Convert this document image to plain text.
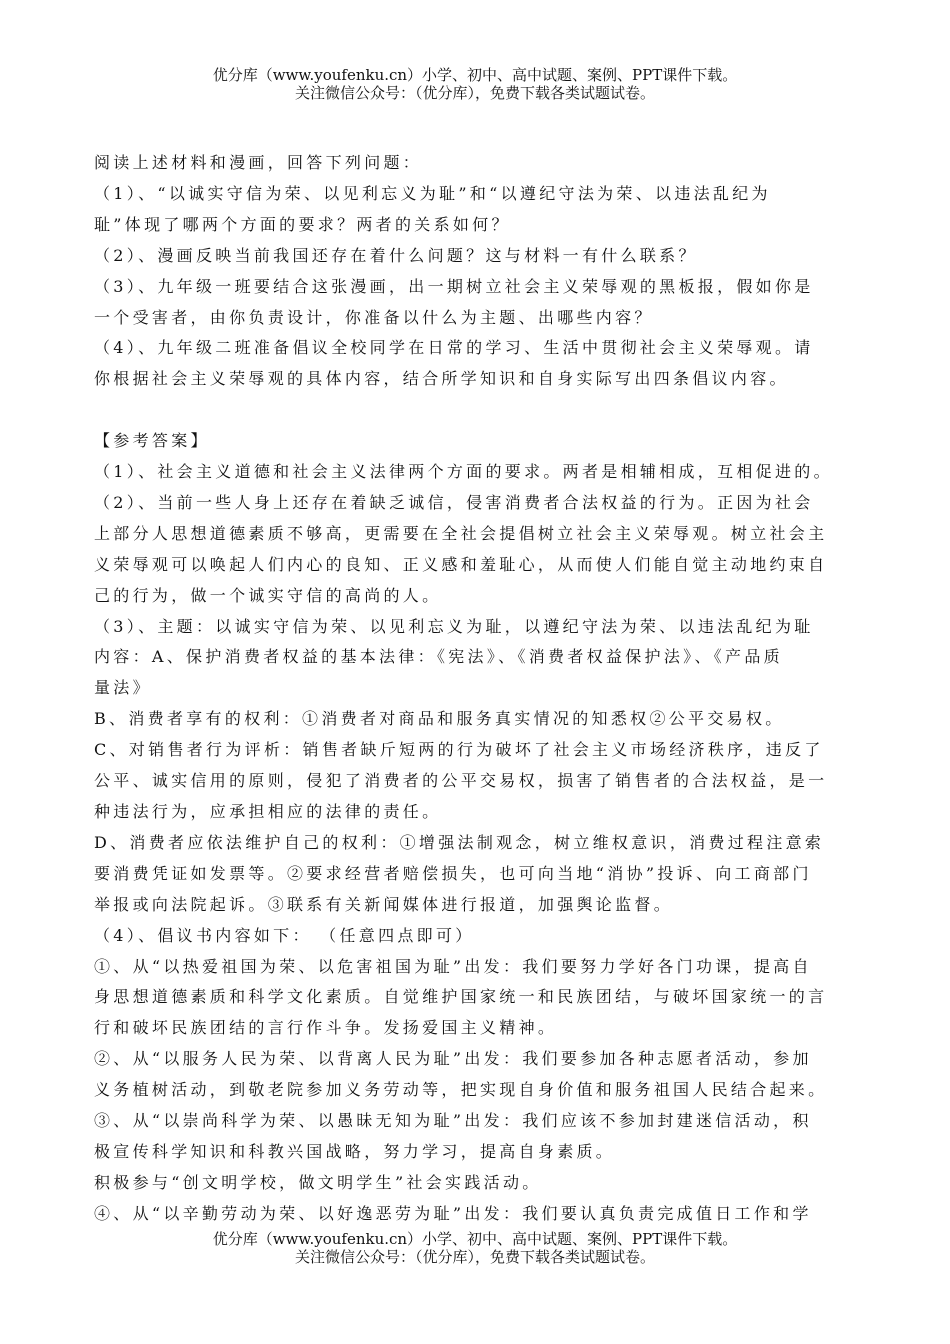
优分库（www.youfenku.cn）小学、初中、高中试题、案例、PPT课件下载。
关注微信公众号：（优分库），免费下载各类试题试卷。

阅读上述材料和漫画，回答下列问题：

（1）、“以诚实守信为荣、以见利忘义为耻”和“以遵纪守法为荣、以违法乱纪为

耻”体现了哪两个方面的要求？两者的关系如何？

（2）、漫画反映当前我国还存在着什么问题？这与材料一有什么联系？

（3）、九年级一班要结合这张漫画，出一期树立社会主义荣辱观的黑板报，假如你是

一个受害者，由你负责设计，你准备以什么为主题、出哪些内容？

（4）、九年级二班准备倡议全校同学在日常的学习、生活中贯彻社会主义荣辱观。请

你根据社会主义荣辱观的具体内容，结合所学知识和自身实际写出四条倡议内容。

【参考答案】

（1）、社会主义道德和社会主义法律两个方面的要求。两者是相辅相成，互相促进的。

（2）、当前一些人身上还存在着缺乏诚信，侵害消费者合法权益的行为。正因为社会

上部分人思想道德素质不够高，更需要在全社会提倡树立社会主义荣辱观。树立社会主

义荣辱观可以唤起人们内心的良知、正义感和羞耻心，从而使人们能自觉主动地约束自

己的行为，做一个诚实守信的高尚的人。

（3）、主题：以诚实守信为荣、以见利忘义为耻，以遵纪守法为荣、以违法乱纪为耻

内容：A、保护消费者权益的基本法律：《宪法》、《消费者权益保护法》、《产品质

量法》

B、消费者享有的权利：①消费者对商品和服务真实情况的知悉权②公平交易权。

C、对销售者行为评析：销售者缺斤短两的行为破坏了社会主义市场经济秩序，违反了

公平、诚实信用的原则，侵犯了消费者的公平交易权，损害了销售者的合法权益，是一

种违法行为，应承担相应的法律的责任。

D、消费者应依法维护自己的权利：①增强法制观念，树立维权意识，消费过程注意索

要消费凭证如发票等。②要求经营者赔偿损失，也可向当地“消协”投诉、向工商部门

举报或向法院起诉。③联系有关新闻媒体进行报道，加强舆论监督。

（4）、倡议书内容如下： （任意四点即可）

①、从“以热爱祖国为荣、以危害祖国为耻”出发：我们要努力学好各门功课，提高自

身思想道德素质和科学文化素质。自觉维护国家统一和民族团结，与破坏国家统一的言

行和破坏民族团结的言行作斗争。发扬爱国主义精神。

②、从“以服务人民为荣、以背离人民为耻”出发：我们要参加各种志愿者活动，参加

义务植树活动，到敬老院参加义务劳动等，把实现自身价值和服务祖国人民结合起来。

③、从“以崇尚科学为荣、以愚昧无知为耻”出发：我们应该不参加封建迷信活动，积

极宣传科学知识和科教兴国战略，努力学习，提高自身素质。

积极参与“创文明学校，做文明学生”社会实践活动。

④、从“以辛勤劳动为荣、以好逸恶劳为耻”出发：我们要认真负责完成值日工作和学

优分库（www.youfenku.cn）小学、初中、高中试题、案例、PPT课件下载。
关注微信公众号：（优分库），免费下载各类试题试卷。
